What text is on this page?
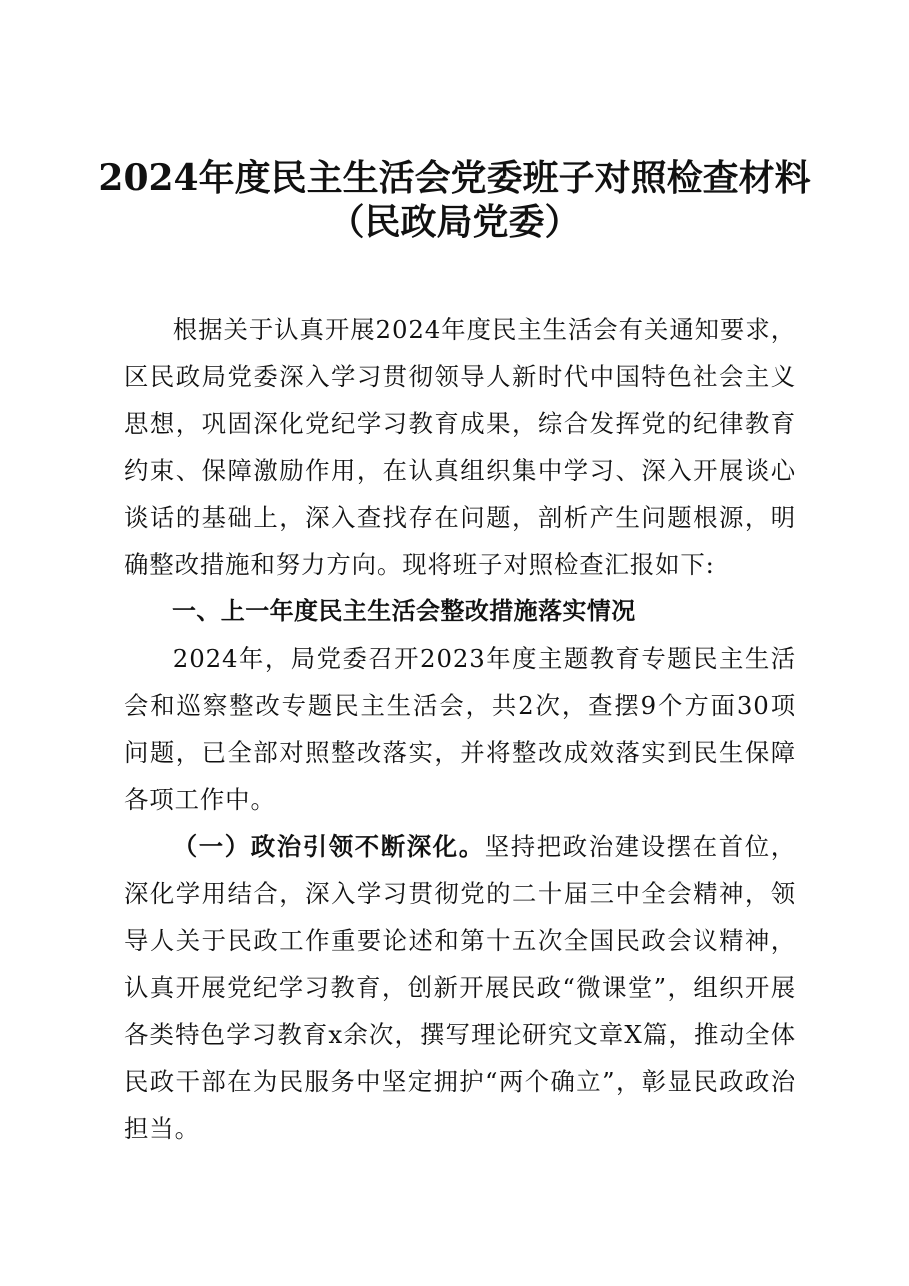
2024年度民主生活会党委班子对照检查材料
（民政局党委）

根据关于认真开展2024年度民主生活会有关通知要求，区民政局党委深入学习贯彻领导人新时代中国特色社会主义思想，巩固深化党纪学习教育成果，综合发挥党的纪律教育约束、保障激励作用，在认真组织集中学习、深入开展谈心谈话的基础上，深入查找存在问题，剖析产生问题根源，明确整改措施和努力方向。现将班子对照检查汇报如下:

一、上一年度民主生活会整改措施落实情况

2024年，局党委召开2023年度主题教育专题民主生活会和巡察整改专题民主生活会，共2次，查摆9个方面30项问题，已全部对照整改落实，并将整改成效落实到民生保障各项工作中。

（一）政治引领不断深化。坚持把政治建设摆在首位，深化学用结合，深入学习贯彻党的二十届三中全会精神，领导人关于民政工作重要论述和第十五次全国民政会议精神，认真开展党纪学习教育，创新开展民政“微课堂”，组织开展各类特色学习教育x余次，撰写理论研究文章X篇，推动全体民政干部在为民服务中坚定拥护“两个确立”，彰显民政政治担当。
